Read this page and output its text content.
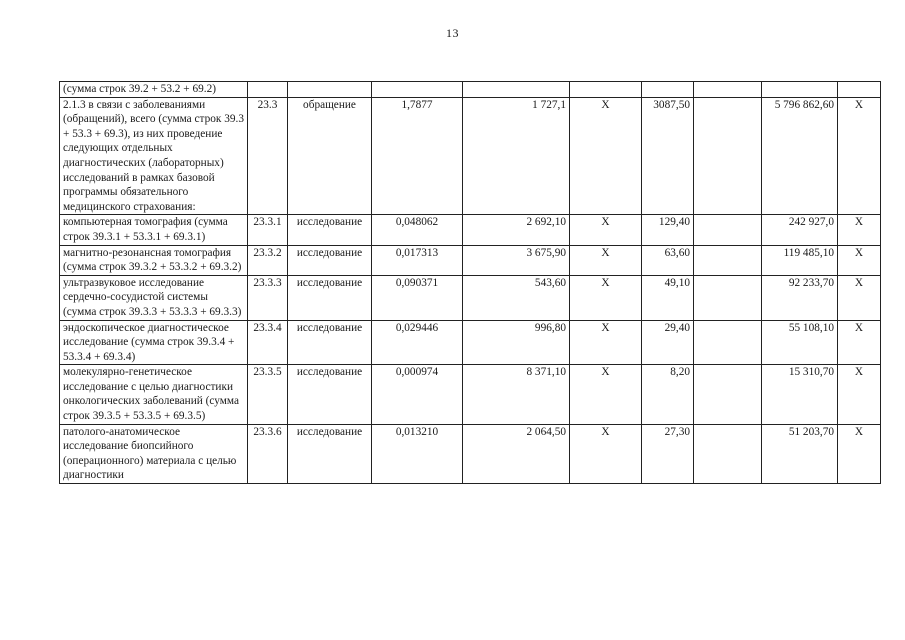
13
(сумма строк 39.2 + 53.2 + 69.2)									
2.1.3 в связи с заболеваниями (обращений), всего (сумма строк 39.3 + 53.3 + 69.3), из них проведение следующих отдельных диагностических (лабораторных) исследований в рамках базовой программы обязательного медицинского страхования:	23.3	обращение	1,7877	1 727,1	X	3087,50		5 796 862,60	X
компьютерная томография (сумма строк 39.3.1 + 53.3.1 + 69.3.1)	23.3.1	исследование	0,048062	2 692,10	X	129,40		242 927,0	X
магнитно-резонансная томография (сумма строк 39.3.2 + 53.3.2 + 69.3.2)	23.3.2	исследование	0,017313	3 675,90	X	63,60		119 485,10	X
ультразвуковое исследование сердечно-сосудистой системы (сумма строк 39.3.3 + 53.3.3 + 69.3.3)	23.3.3	исследование	0,090371	543,60	X	49,10		92 233,70	X
эндоскопическое диагностическое исследование (сумма строк 39.3.4 + 53.3.4 + 69.3.4)	23.3.4	исследование	0,029446	996,80	X	29,40		55 108,10	X
молекулярно-генетическое исследование с целью диагностики онкологических заболеваний (сумма строк 39.3.5 + 53.3.5 + 69.3.5)	23.3.5	исследование	0,000974	8 371,10	X	8,20		15 310,70	X
патолого-анатомическое исследование биопсийного (операционного) материала с целью диагностики	23.3.6	исследование	0,013210	2 064,50	X	27,30		51 203,70	X
